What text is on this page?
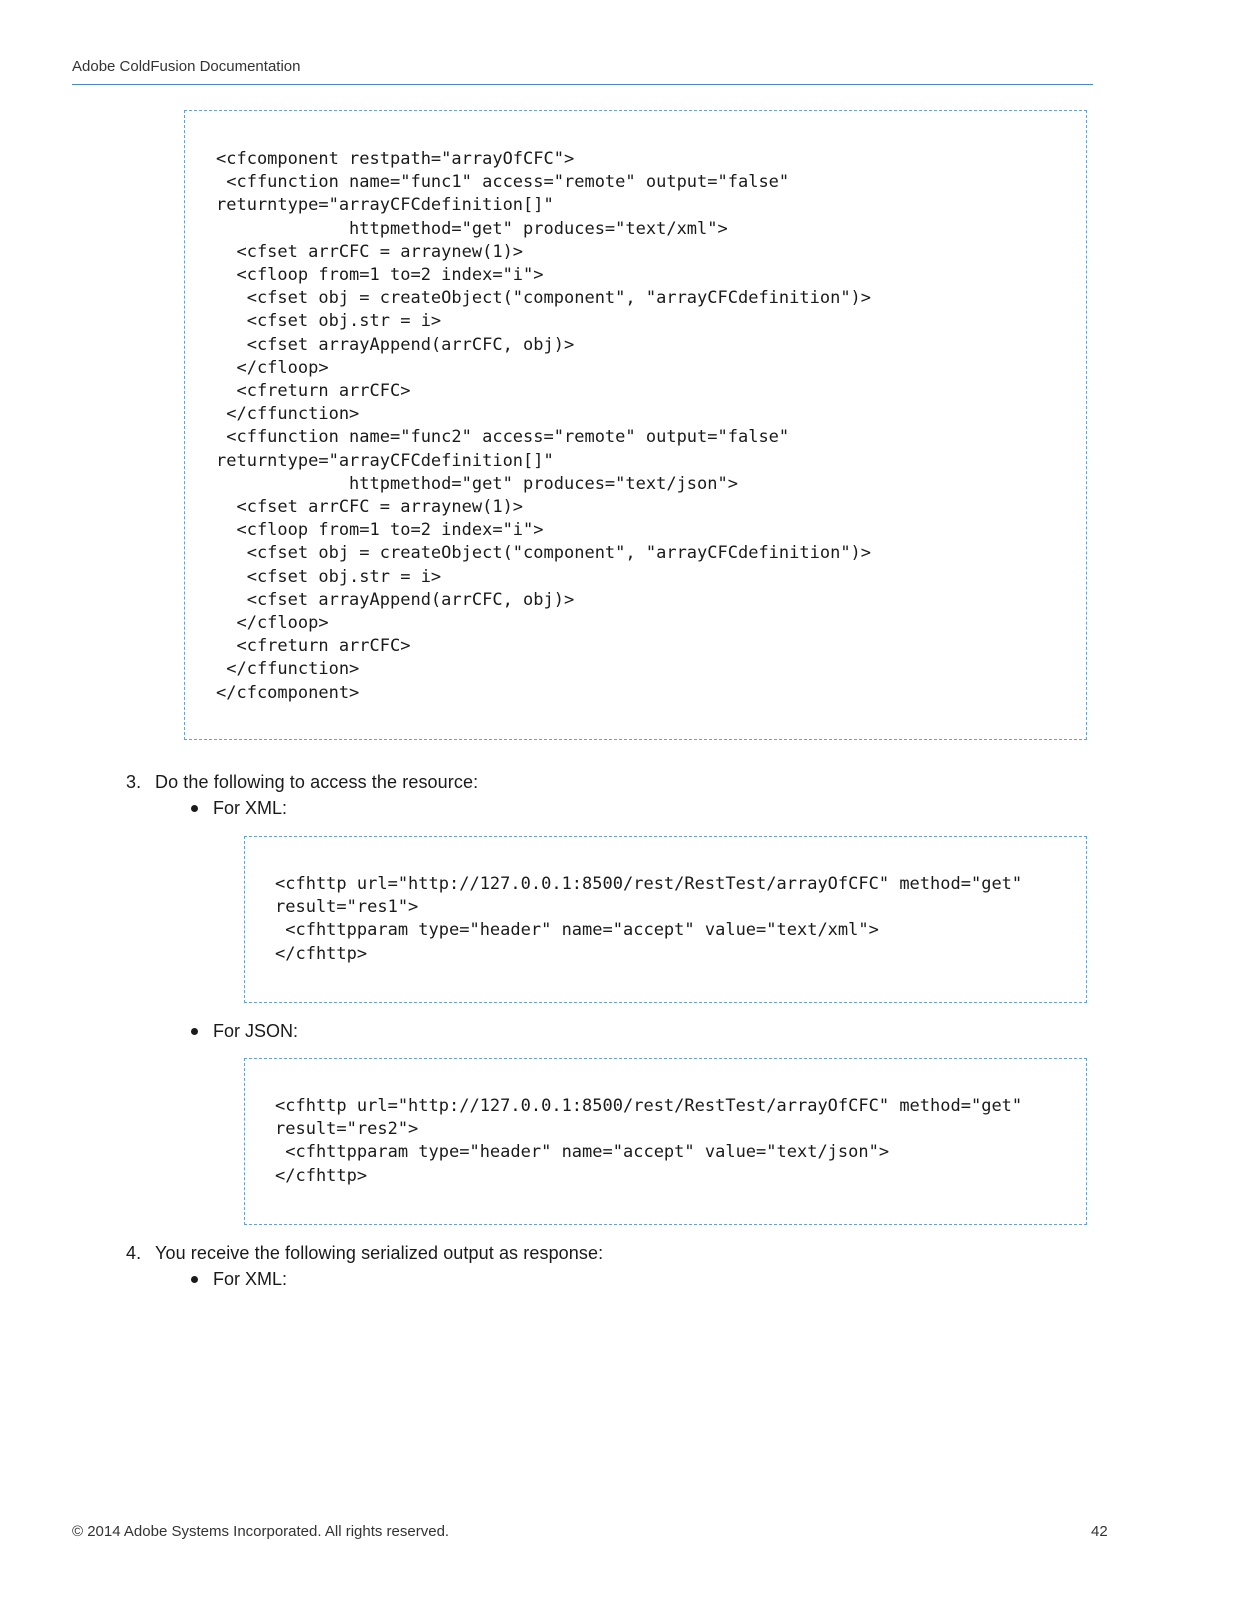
Adobe ColdFusion Documentation
<cfcomponent restpath="arrayOfCFC">
<cffunction name="func1" access="remote" output="false"
returntype="arrayCFCdefinition[]"
httpmethod="get" produces="text/xml">
<cfset arrCFC = arraynew(1)>
<cfloop from=1 to=2 index="i">
<cfset obj = createObject("component", "arrayCFCdefinition")>
<cfset obj.str = i>
<cfset arrayAppend(arrCFC, obj)>
</cfloop>
<cfreturn arrCFC>
</cffunction>
<cffunction name="func2" access="remote" output="false"
returntype="arrayCFCdefinition[]"
httpmethod="get" produces="text/json">
<cfset arrCFC = arraynew(1)>
<cfloop from=1 to=2 index="i">
<cfset obj = createObject("component", "arrayCFCdefinition")>
<cfset obj.str = i>
<cfset arrayAppend(arrCFC, obj)>
</cfloop>
<cfreturn arrCFC>
</cffunction>
</cfcomponent>
3. Do the following to access the resource:
For XML:
<cfhttp url="http://127.0.0.1:8500/rest/RestTest/arrayOfCFC" method="get"
result="res1">
<cfhttpparam type="header" name="accept" value="text/xml">
</cfhttp>
For JSON:
<cfhttp url="http://127.0.0.1:8500/rest/RestTest/arrayOfCFC" method="get"
result="res2">
<cfhttpparam type="header" name="accept" value="text/json">
</cfhttp>
4. You receive the following serialized output as response:
For XML:
© 2014 Adobe Systems Incorporated. All rights reserved.	42
